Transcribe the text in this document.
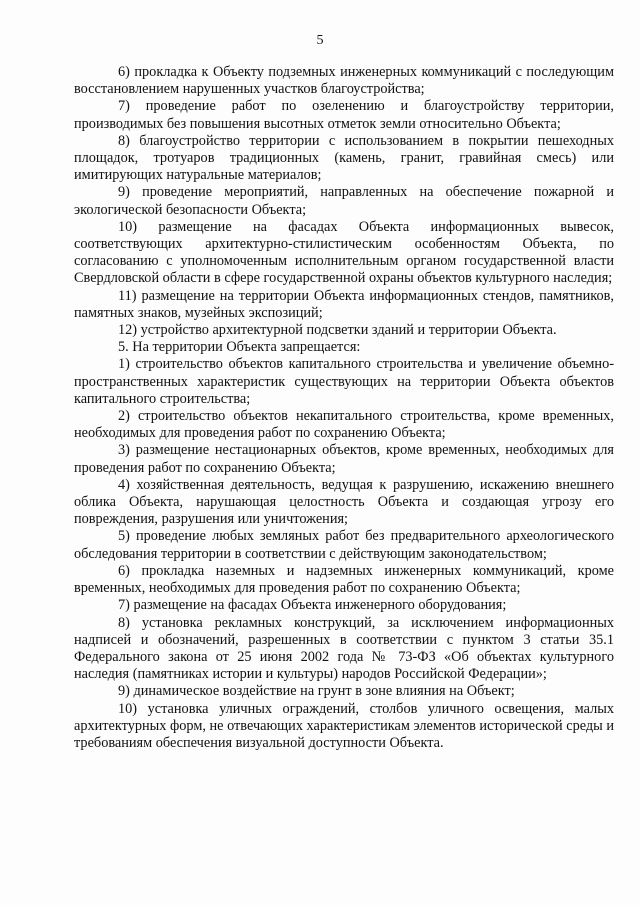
5

6) прокладка к Объекту подземных инженерных коммуникаций с последующим восстановлением нарушенных участков благоустройства;

7) проведение работ по озеленению и благоустройству территории, производимых без повышения высотных отметок земли относительно Объекта;

8) благоустройство территории с использованием в покрытии пешеходных площадок, тротуаров традиционных (камень, гранит, гравийная смесь) или имитирующих натуральные материалов;

9) проведение мероприятий, направленных на обеспечение пожарной и экологической безопасности Объекта;

10) размещение на фасадах Объекта информационных вывесок, соответствующих архитектурно-стилистическим особенностям Объекта, по согласованию с уполномоченным исполнительным органом государственной власти Свердловской области в сфере государственной охраны объектов культурного наследия;

11) размещение на территории Объекта информационных стендов, памятников, памятных знаков, музейных экспозиций;

12) устройство архитектурной подсветки зданий и территории Объекта.

5. На территории Объекта запрещается:

1) строительство объектов капитального строительства и увеличение объемно-пространственных характеристик существующих на территории Объекта объектов капитального строительства;

2) строительство объектов некапитального строительства, кроме временных, необходимых для проведения работ по сохранению Объекта;

3) размещение нестационарных объектов, кроме временных, необходимых для проведения работ по сохранению Объекта;

4) хозяйственная деятельность, ведущая к разрушению, искажению внешнего облика Объекта, нарушающая целостность Объекта и создающая угрозу его повреждения, разрушения или уничтожения;

5) проведение любых земляных работ без предварительного археологического обследования территории в соответствии с действующим законодательством;

6) прокладка наземных и надземных инженерных коммуникаций, кроме временных, необходимых для проведения работ по сохранению Объекта;

7) размещение на фасадах Объекта инженерного оборудования;

8) установка рекламных конструкций, за исключением информационных надписей и обозначений, разрешенных в соответствии с пунктом 3 статьи 35.1 Федерального закона от 25 июня 2002 года № 73-ФЗ «Об объектах культурного наследия (памятниках истории и культуры) народов Российской Федерации»;

9) динамическое воздействие на грунт в зоне влияния на Объект;

10) установка уличных ограждений, столбов уличного освещения, малых архитектурных форм, не отвечающих характеристикам элементов исторической среды и требованиям обеспечения визуальной доступности Объекта.
